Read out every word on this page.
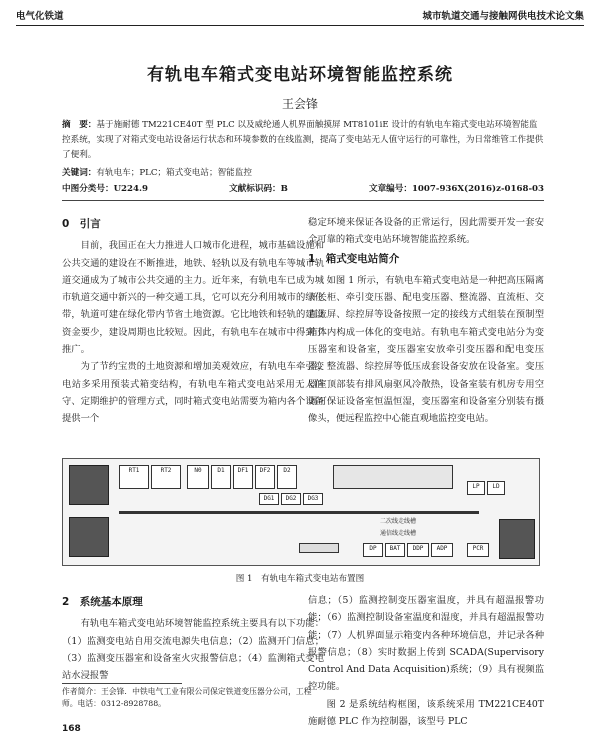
电气化铁道	城市轨道交通与接触网供电技术论文集
有轨电车箱式变电站环境智能监控系统
王会锋
摘　要：基于施耐德 TM221CE40T 型 PLC 以及威纶通人机界面触摸屏 MT8101iE 设计的有轨电车箱式变电站环境智能监控系统，实现了对箱式变电站设备运行状态和环境参数的在线监测，提高了变电站无人值守运行的可靠性，为日常维管工作提供了便利。
关键词：有轨电车；PLC；箱式变电站；智能监控
中图分类号：U224.9	文献标识码：B	文章编号：1007-936X(2016)z-0168-03
0　引言

目前，我国正在大力推进人口城市化进程，城市基础设施和公共交通的建设在不断推进，地铁、轻轨以及有轨电车等城市轨道交通成为了城市公共交通的主力。近年来，有轨电车已成为城市轨道交通中新兴的一种交通工具，它可以充分利用城市的绿化带，轨道可建在绿化带内节省土地资源。它比地铁和轻轨的建设资金要少，建设周期也比较短。因此，有轨电车在城市中得到了推广。

为了节约宝贵的土地资源和增加美观效应，有轨电车牵引变电站多采用预装式箱变结构，有轨电车箱式变电站采用无人值守、定期维护的管理方式，同时箱式变电站需要为箱内各个设备提供一个

稳定环境来保证各设备的正常运行，因此需要开发一套安全可靠的箱式变电站环境智能监控系统。

1　箱式变电站简介

如图 1 所示，有轨电车箱式变电站是一种把高压隔离开关柜、牵引变压器、配电变压器、整流器、直流柜、交直流屏、综控屏等设备按照一定的接线方式组装在预制型箱体内构成一体化的变电站。有轨电车箱式变电站分为变压器室和设备室，变压器室安放牵引变压器和配电变压器，整流器、综控屏等低压成套设备安放在设备室。变压器室顶部装有排风扇驱风冷散热，设备室装有机房专用空调可保证设备室恒温恒湿，变压器室和设备室分别装有摄像头，便远程监控中心能直观地监控变电站。

RT1	RT2	N0	D1	DF1	DF2	D2
DG1	DG2	DG3
LP	LD
二次线走线槽
通信线走线槽
DP	BAT	DDP	ADP	PCR
图 1　有轨电车箱式变电站布置图
2　系统基本原理

有轨电车箱式变电站环境智能监控系统主要具有以下功能：（1）监测变电站自用交流电源失电信息；（2）监测开门信息；（3）监测变压器室和设备室火灾报警信息；（4）监测箱式变电站水浸报警

信息；（5）监测控制变压器室温度，并具有超温报警功能；（6）监测控制设备室温度和湿度，并具有超温报警功能；（7）人机界面显示箱变内各种环境信息，并记录各种报警信息；（8）实时数据上传到 SCADA(Supervisory Control And Data Acquisition)系统；（9）具有视频监控功能。

图 2 是系统结构框图，该系统采用 TM221CE40T 施耐德 PLC 作为控制器，该型号 PLC

作者简介：王会锋．中铁电气工业有限公司保定铁道变压器分公司，工程师。电话：0312-8928788。
168
